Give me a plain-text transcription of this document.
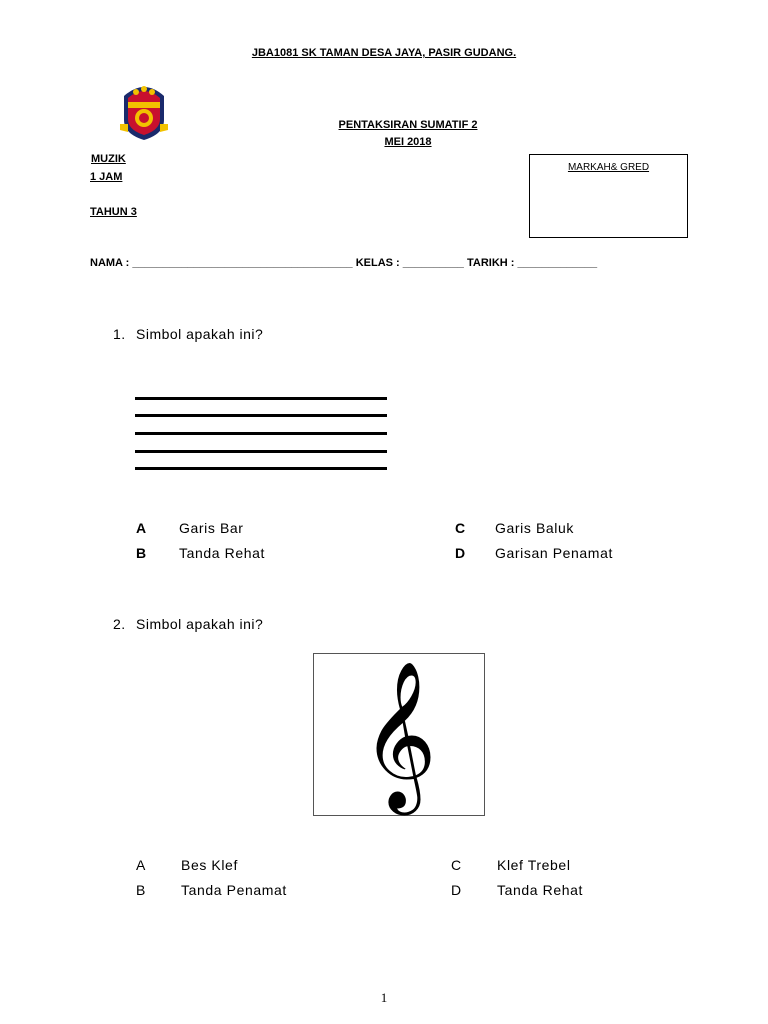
JBA1081 SK TAMAN DESA JAYA, PASIR GUDANG.
PENTAKSIRAN SUMATIF 2
MEI 2018
MUZIK
1 JAM
TAHUN 3
MARKAH& GRED
NAMA : ____________________________________ KELAS : __________ TARIKH : _____________
1. Simbol apakah ini?
A Garis Bar
B Tanda Rehat
C Garis Baluk
D Garisan Penamat
2. Simbol apakah ini?
𝄞
A	Bes Klef
B	Tanda Penamat
C	Klef Trebel
D	Tanda Rehat
1
